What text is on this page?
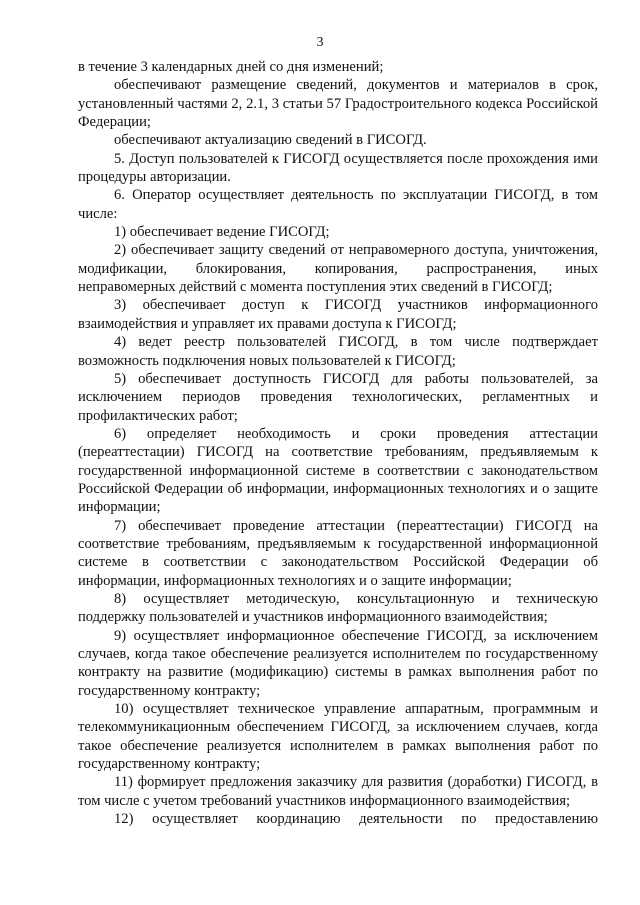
3

в течение 3 календарных дней со дня изменений;

обеспечивают размещение сведений, документов и материалов в срок, установленный частями 2, 2.1, 3 статьи 57 Градостроительного кодекса Российской Федерации;

обеспечивают актуализацию сведений в ГИСОГД.

5. Доступ пользователей к ГИСОГД осуществляется после прохождения ими процедуры авторизации.

6. Оператор осуществляет деятельность по эксплуатации ГИСОГД, в том числе:

1) обеспечивает ведение ГИСОГД;

2) обеспечивает защиту сведений от неправомерного доступа, уничтожения, модификации, блокирования, копирования, распространения, иных неправомерных действий с момента поступления этих сведений в ГИСОГД;

3) обеспечивает доступ к ГИСОГД участников информационного взаимодействия и управляет их правами доступа к ГИСОГД;

4) ведет реестр пользователей ГИСОГД, в том числе подтверждает возможность подключения новых пользователей к ГИСОГД;

5) обеспечивает доступность ГИСОГД для работы пользователей, за исключением периодов проведения технологических, регламентных и профилактических работ;

6) определяет необходимость и сроки проведения аттестации (переаттестации) ГИСОГД на соответствие требованиям, предъявляемым к государственной информационной системе в соответствии с законодательством Российской Федерации об информации, информационных технологиях и о защите информации;

7) обеспечивает проведение аттестации (переаттестации) ГИСОГД на соответствие требованиям, предъявляемым к государственной информационной системе в соответствии с законодательством Российской Федерации об информации, информационных технологиях и о защите информации;

8) осуществляет методическую, консультационную и техническую поддержку пользователей и участников информационного взаимодействия;

9) осуществляет информационное обеспечение ГИСОГД, за исключением случаев, когда такое обеспечение реализуется исполнителем по государственному контракту на развитие (модификацию) системы в рамках выполнения работ по государственному контракту;

10) осуществляет техническое управление аппаратным, программным и телекоммуникационным обеспечением ГИСОГД, за исключением случаев, когда такое обеспечение реализуется исполнителем в рамках выполнения работ по государственному контракту;

11) формирует предложения заказчику для развития (доработки) ГИСОГД, в том числе с учетом требований участников информационного взаимодействия;

12) осуществляет координацию деятельности по предоставлению
